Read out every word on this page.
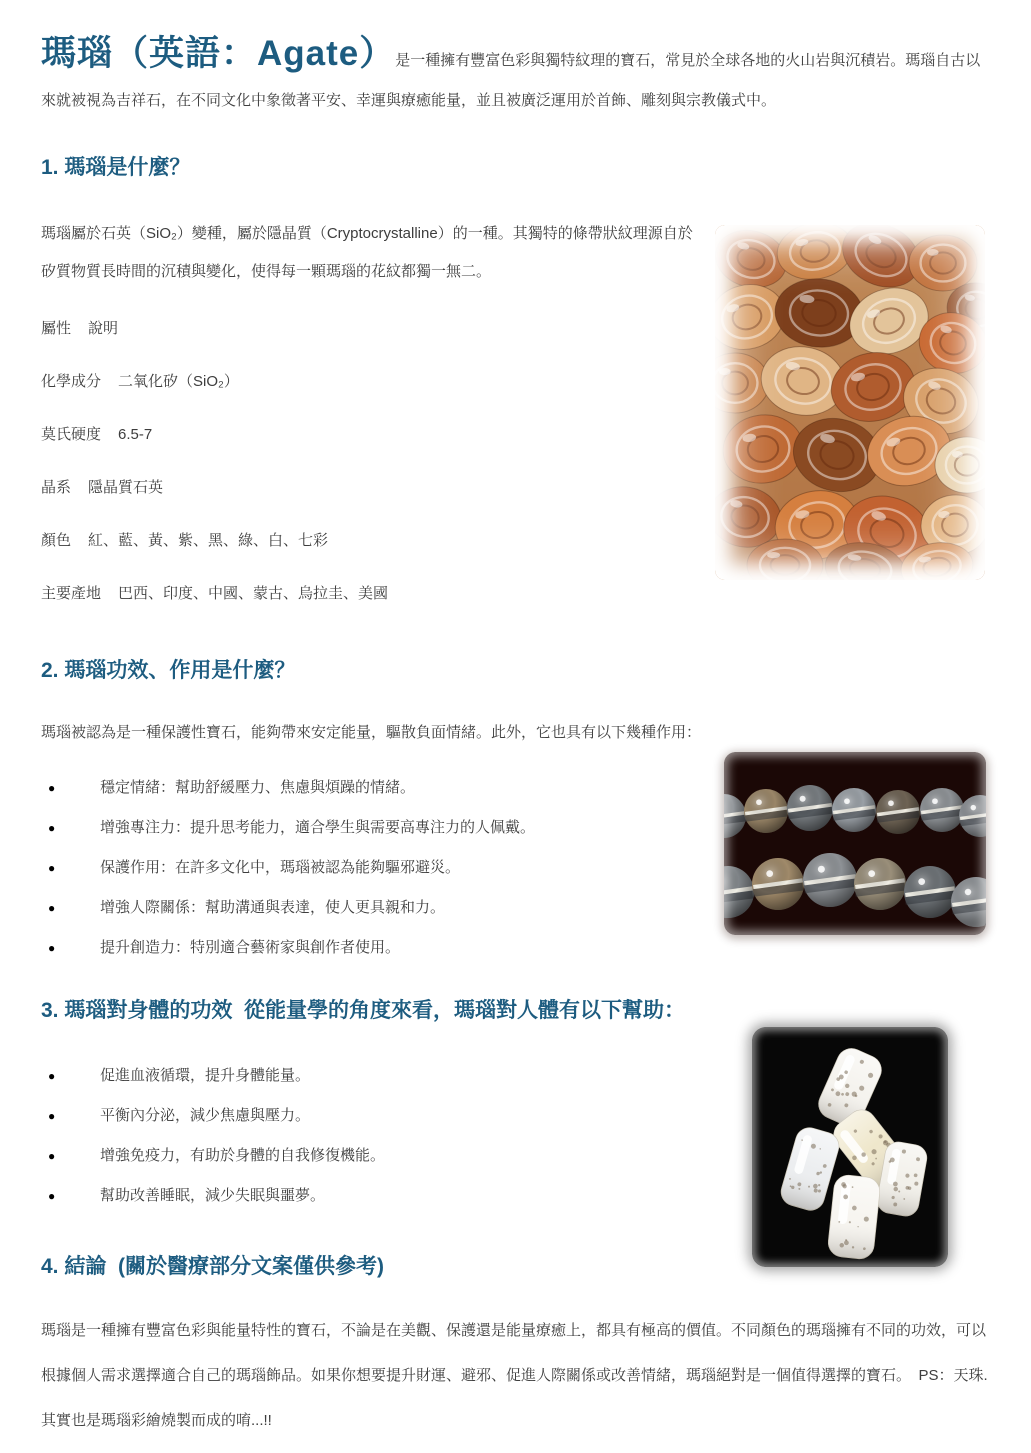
瑪瑙（英語：Agate）是一種擁有豐富色彩與獨特紋理的寶石，常見於全球各地的火山岩與沉積岩。瑪瑙自古以來就被視為吉祥石，在不同文化中象徵著平安、幸運與療癒能量，並且被廣泛運用於首飾、雕刻與宗教儀式中。

1. 瑪瑙是什麼？

瑪瑙屬於石英（SiO₂）變種，屬於隱晶質（Cryptocrystalline）的一種。其獨特的條帶狀紋理源自於矽質物質長時間的沉積與變化，使得每一顆瑪瑙的花紋都獨一無二。

屬性 說明
化學成分 二氧化矽（SiO₂）
莫氏硬度 6.5-7
晶系 隱晶質石英
顏色 紅、藍、黃、紫、黑、綠、白、七彩
主要產地 巴西、印度、中國、蒙古、烏拉圭、美國
2. 瑪瑙功效、作用是什麼？

瑪瑙被認為是一種保護性寶石，能夠帶來安定能量，驅散負面情緒。此外，它也具有以下幾種作用：

●	穩定情緒：幫助舒緩壓力、焦慮與煩躁的情緒。
●	增強專注力：提升思考能力，適合學生與需要高專注力的人佩戴。
●	保護作用：在許多文化中，瑪瑙被認為能夠驅邪避災。
●	增強人際關係：幫助溝通與表達，使人更具親和力。
●	提升創造力：特別適合藝術家與創作者使用。
3. 瑪瑙對身體的功效  從能量學的角度來看，瑪瑙對人體有以下幫助：
●	促進血液循環，提升身體能量。
●	平衡內分泌，減少焦慮與壓力。
●	增強免疫力，有助於身體的自我修復機能。
●	幫助改善睡眠，減少失眠與噩夢。
4. 結論  (關於醫療部分文案僅供參考)

瑪瑙是一種擁有豐富色彩與能量特性的寶石，不論是在美觀、保護還是能量療癒上，都具有極高的價值。不同顏色的瑪瑙擁有不同的功效，可以根據個人需求選擇適合自己的瑪瑙飾品。如果你想要提升財運、避邪、促進人際關係或改善情緒，瑪瑙絕對是一個值得選擇的寶石。　PS：天珠.其實也是瑪瑙彩繪燒製而成的唷...!!
